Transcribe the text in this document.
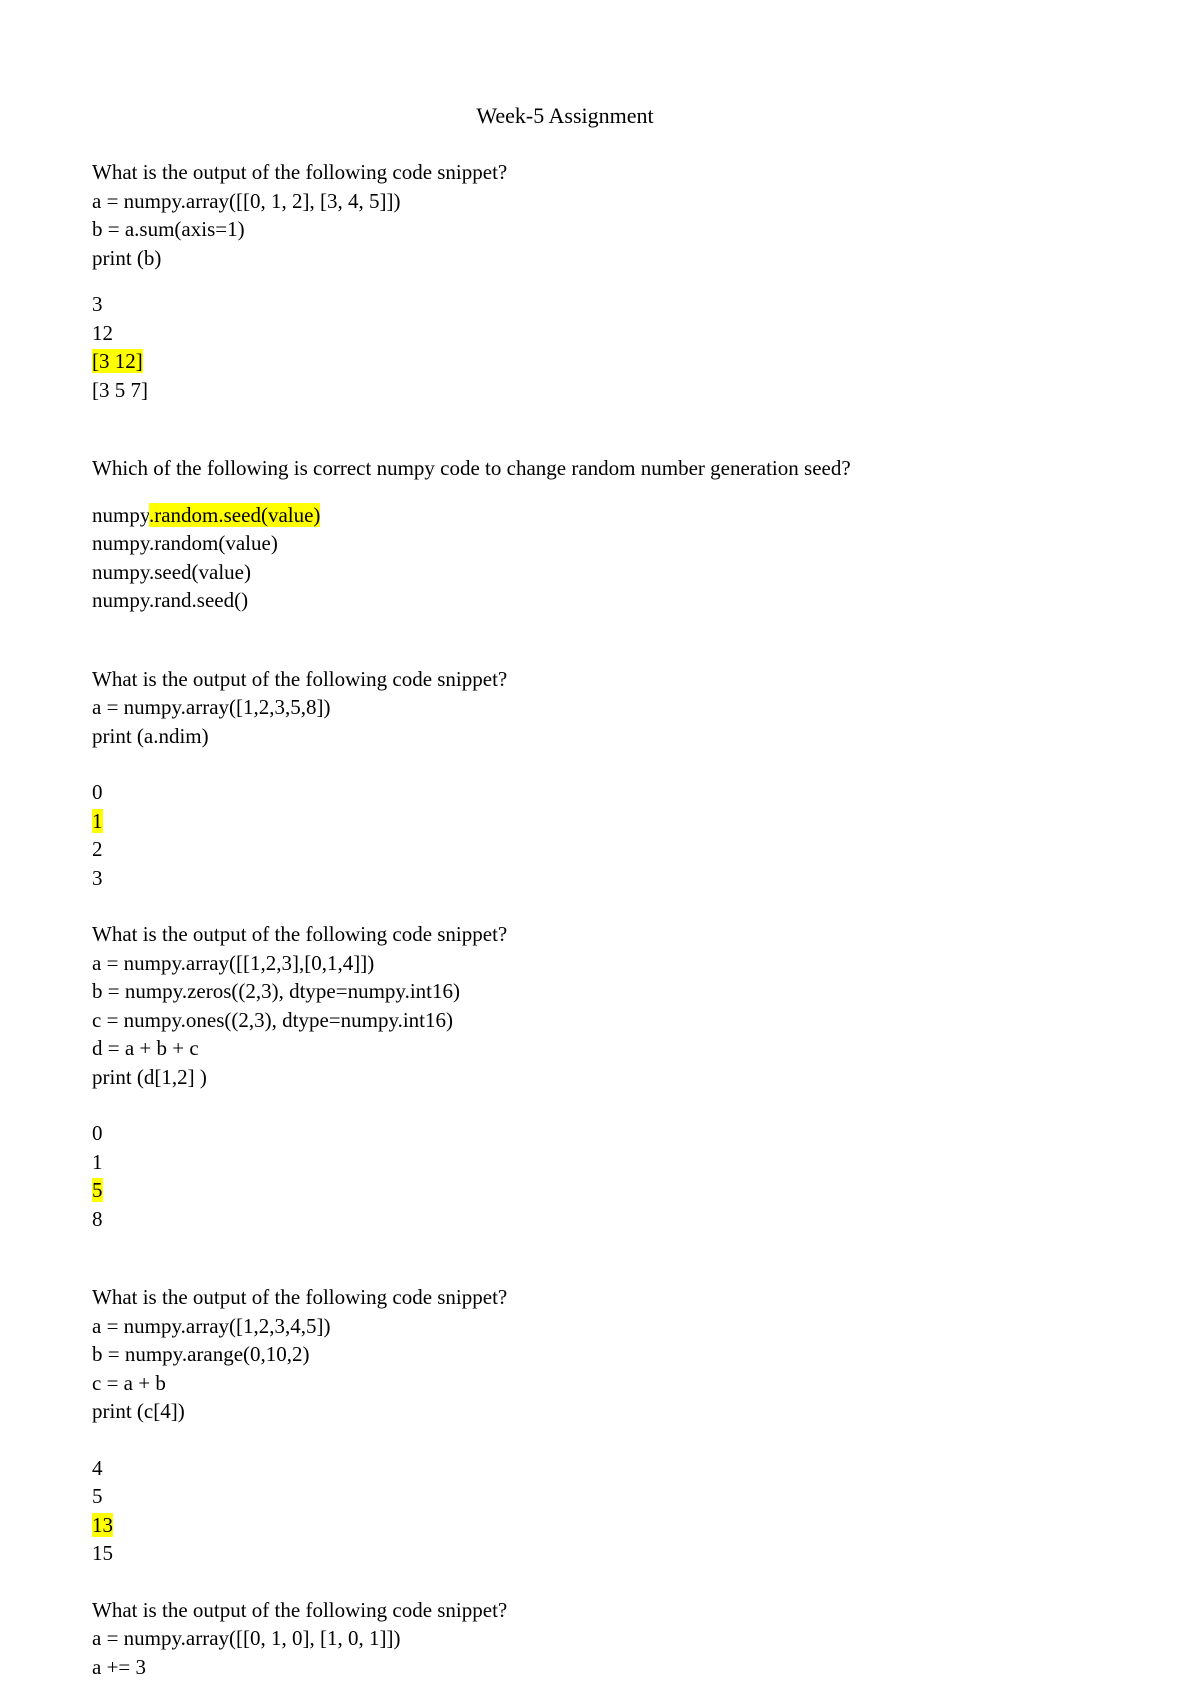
Week-5 Assignment
What is the output of the following code snippet?
a = numpy.array([[0, 1, 2], [3, 4, 5]])
b = a.sum(axis=1)
print (b)
3
12
[3 12]
[3 5 7]
Which of the following is correct numpy code to change random number generation seed?
numpy.random.seed(value)
numpy.random(value)
numpy.seed(value)
numpy.rand.seed()
What is the output of the following code snippet?
a = numpy.array([1,2,3,5,8])
print (a.ndim)
0
1
2
3
What is the output of the following code snippet?
a = numpy.array([[1,2,3],[0,1,4]])
b = numpy.zeros((2,3), dtype=numpy.int16)
c = numpy.ones((2,3), dtype=numpy.int16)
d = a + b + c
print (d[1,2] )
0
1
5
8
What is the output of the following code snippet?
a = numpy.array([1,2,3,4,5])
b = numpy.arange(0,10,2)
c = a + b
print (c[4])
4
5
13
15
What is the output of the following code snippet?
a = numpy.array([[0, 1, 0], [1, 0, 1]])
a += 3
